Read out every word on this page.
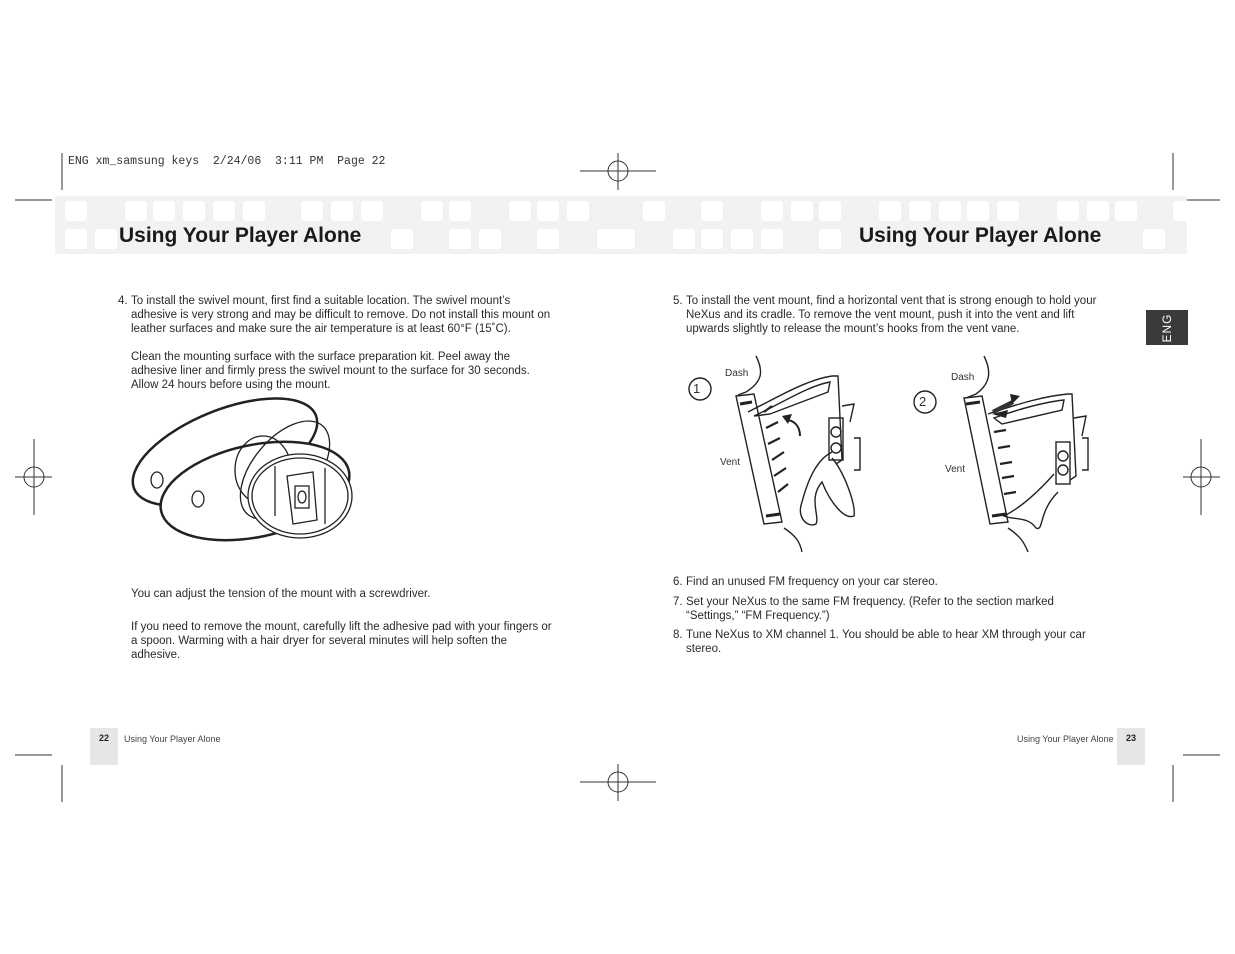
ENG xm_samsung keys  2/24/06  3:11 PM  Page 22
Using Your Player Alone	Using Your Player Alone
ENG
4. To install the swivel mount, first find a suitable location. The swivel mount’s adhesive is very strong and may be difficult to remove. Do not install this mount on leather surfaces and make sure the air temperature is at least 60°F (15˚C).
Clean the mounting surface with the surface preparation kit. Peel away the adhesive liner and firmly press the swivel mount to the surface for 30 seconds. Allow 24 hours before using the mount.
You can adjust the tension of the mount with a screwdriver.
If you need to remove the mount, carefully lift the adhesive pad with your fingers or a spoon. Warming with a hair dryer for several minutes will help soften the adhesive.
22	Using Your Player Alone
5. To install the vent mount, find a horizontal vent that is strong enough to hold your NeXus and its cradle. To remove the vent mount, push it into the vent and lift upwards slightly to release the mount’s hooks from the vent vane.
1
Dash
Vent
2
Dash
Vent
6. Find an unused FM frequency on your car stereo.
7. Set your NeXus to the same FM frequency. (Refer to the section marked “Settings,” “FM Frequency.”)
8. Tune NeXus to XM channel 1. You should be able to hear XM through your car stereo.
Using Your Player Alone	23
